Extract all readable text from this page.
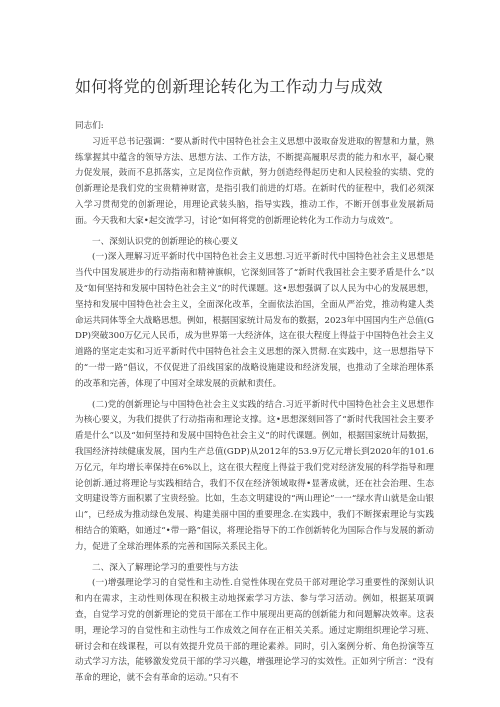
如何将党的创新理论转化为工作动力与成效

同志们:

习近平总书记强调：“要从新时代中国特色社会主义思想中汲取奋发进取的智慧和力量，熟练掌握其中蕴含的领导方法、思想方法、工作方法，不断提高履职尽责的能力和水平，凝心聚力促发展，鼓而不息抓落实，立足岗位作贡献，努力创造经得起历史和人民检验的实绩、党的创新理论是我们党的宝贵精神财富，是指引我们前进的灯塔。在新时代的征程中，我们必须深入学习贯彻党的创新理论，用理论武装头脑，指导实践，推动工作，不断开创事业发展新局面。今天我和大家•起交流学习，讨论“如何将党的创新理论转化为工作动力与成效”。

一、深刻认识党的创新理论的核心要义

(一)深入理解习近平新时代中国特色社会主义思想.习近平新时代中国特色社会主义思想是当代中国发展进步的行动指南和精神旗帜，它深刻回答了“新时代我国社会主要矛盾是什么”以及“如何坚持和发展中国特色社会主义”的时代课题。这•思想强调了以人民为中心的发展思想，坚持和发展中国特色社会主义，全面深化改革，全面依法治国，全面从严治党，推动构建人类命运共同体等全大战略思想。例如，根据国家统计局发布的数据，2023年中国国内生产总值(GDP)突破300万亿元人民币，成为世界第一大经济体，这在很大程度上得益于中国特色社会主义道路的坚定走实和习近平新时代中国特色社会主义思想的深入贯彻.在实践中，这一思想指导下的“一带一路”倡议，不仅促进了沿线国家的战略设施建设和经济发展，也推动了全球治理体系的改革和完善，体现了中国对全球发展的贡献和责任。

(二)党的创新理论与中国特色社会主义实践的结合.习近平新时代中国特色社会主义思想作为核心要义，为我们提供了行动指南和理论支撑。这•思想深刻回答了“新时代我国社会主要矛盾是什么”以及“如何坚持和发展中国特色社会主义”的时代课题。例如，根据国家统计局数据，我国经济持续健康发展，国内生产总值(GDP)从2012年的53.9万亿元增长到2020年的101.6万亿元，年均增长率保持在6%以上，这在很大程度上得益于我们党对经济发展的科学指导和理论创新.通过将理论与实践相结合，我们不仅在经济领域取得•显著成就，还在社会治理、生态文明建设等方面积累了宝贵经验。比如，生态文明建设的“两山理论”一一“绿水青山就是金山银山”，已经成为推动绿色发展、构建美丽中国的重要理念.在实践中，我们不断探索理论与实践相结合的策略，如通过“•带一路”倡议，将理论指导下的工作创新转化为国际合作与发展的新动力，促进了全球治理体系的完善和国际关系民主化。

二、深入了解理论学习的重要性与方法

(一)增强理论学习的自觉性和主动性.自觉性体现在党员干部对理论学习重要性的深刻认识和内在需求，主动性则体现在积极主动地探索学习方法、参与学习活动。例如，根据某项调查，自觉学习党的创新理论的党员干部在工作中展现出更高的创新能力和问题解决效率。这表明，理论学习的自觉性和主动性与工作成效之间存在正相关关系。通过定期组织理论学习班、研讨会和在线课程，可以有效提升党员干部的理论素养。同时，引入案例分析、角色扮演等互动式学习方法，能够激发党员干部的学习兴趣，增强理论学习的实效性。正如列宁所言：“没有革命的理论，就不会有革命的运动。”只有不
